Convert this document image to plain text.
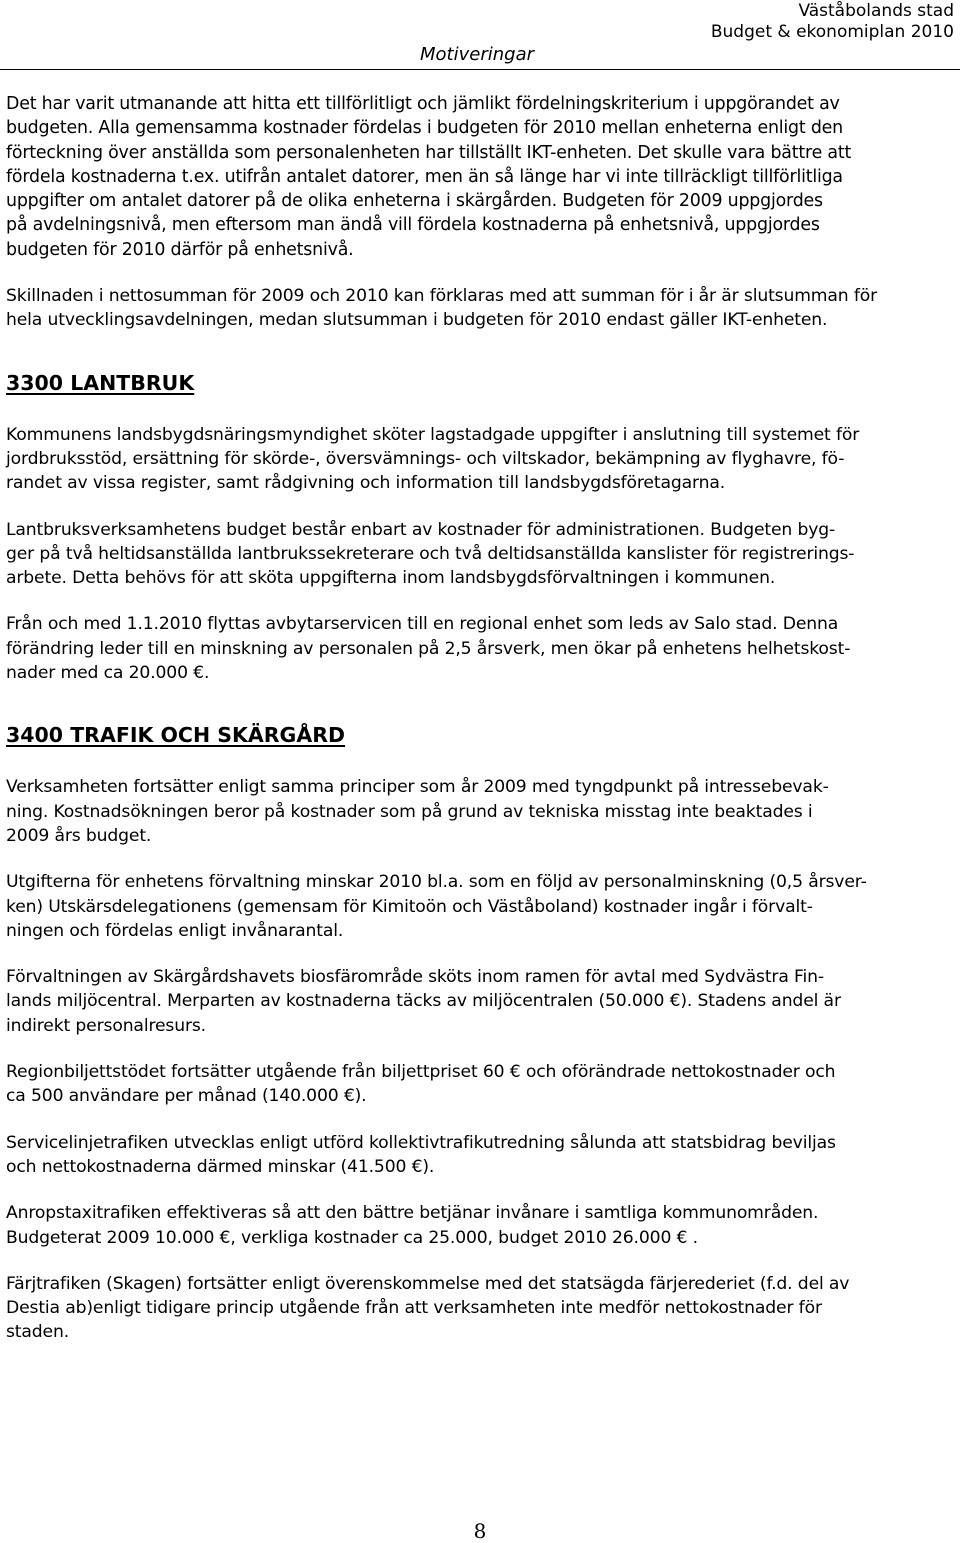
Väståbolands stad
Budget & ekonomiplan 2010
Motiveringar

Det har varit utmanande att hitta ett tillförlitligt och jämlikt fördelningskriterium i uppgörandet av
budgeten. Alla gemensamma kostnader fördelas i budgeten för 2010 mellan enheterna enligt den
förteckning över anställda som personalenheten har tillställt IKT-enheten. Det skulle vara bättre att
fördela kostnaderna t.ex. utifrån antalet datorer, men än så länge har vi inte tillräckligt tillförlitliga
uppgifter om antalet datorer på de olika enheterna i skärgården. Budgeten för 2009 uppgjordes
på avdelningsnivå, men eftersom man ändå vill fördela kostnaderna på enhetsnivå, uppgjordes
budgeten för 2010 därför på enhetsnivå.

Skillnaden i nettosumman för 2009 och 2010 kan förklaras med att summan för i år är slutsumman för
hela utvecklingsavdelningen, medan slutsumman i budgeten för 2010 endast gäller IKT-enheten.

3300 LANTBRUK

Kommunens landsbygdsnäringsmyndighet sköter lagstadgade uppgifter i anslutning till systemet för
jordbruksstöd, ersättning för skörde-, översvämnings- och viltskador, bekämpning av flyghavre, fö-
randet av vissa register, samt rådgivning och information till landsbygdsföretagarna.

Lantbruksverksamhetens budget består enbart av kostnader för administrationen. Budgeten byg-
ger på två heltidsanställda lantbrukssekreterare och två deltidsanställda kanslister för registrerings-
arbete. Detta behövs för att sköta uppgifterna inom landsbygdsförvaltningen i kommunen.

Från och med 1.1.2010 flyttas avbytarservicen till en regional enhet som leds av Salo stad. Denna
förändring leder till en minskning av personalen på 2,5 årsverk, men ökar på enhetens helhetskost-
nader med ca 20.000 €.

3400 TRAFIK OCH SKÄRGÅRD

Verksamheten fortsätter enligt samma principer som år 2009 med tyngdpunkt på intressebevak-
ning. Kostnadsökningen beror på kostnader som på grund av tekniska misstag inte beaktades i
2009 års budget.

Utgifterna för enhetens förvaltning minskar 2010 bl.a. som en följd av personalminskning (0,5 årsver-
ken) Utskärsdelegationens (gemensam för Kimitoön och Väståboland) kostnader ingår i förvalt-
ningen och fördelas enligt invånarantal.

Förvaltningen av Skärgårdshavets biosfärområde sköts inom ramen för avtal med Sydvästra Fin-
lands miljöcentral. Merparten av kostnaderna täcks av miljöcentralen (50.000 €). Stadens andel är
indirekt personalresurs.

Regionbiljettstödet fortsätter utgående från biljettpriset 60 € och oförändrade nettokostnader och
ca 500 användare per månad (140.000 €).

Servicelinjetrafiken utvecklas enligt utförd kollektivtrafikutredning sålunda att statsbidrag beviljas
och nettokostnaderna därmed minskar (41.500 €).

Anropstaxitrafiken effektiveras så att den bättre betjänar invånare i samtliga kommunområden.
Budgeterat 2009 10.000 €, verkliga kostnader ca 25.000, budget 2010 26.000 € .

Färjtrafiken (Skagen) fortsätter enligt överenskommelse med det statsägda färjerederiet (f.d. del av
Destia ab)enligt tidigare princip utgående från att verksamheten inte medför nettokostnader för
staden.

8
